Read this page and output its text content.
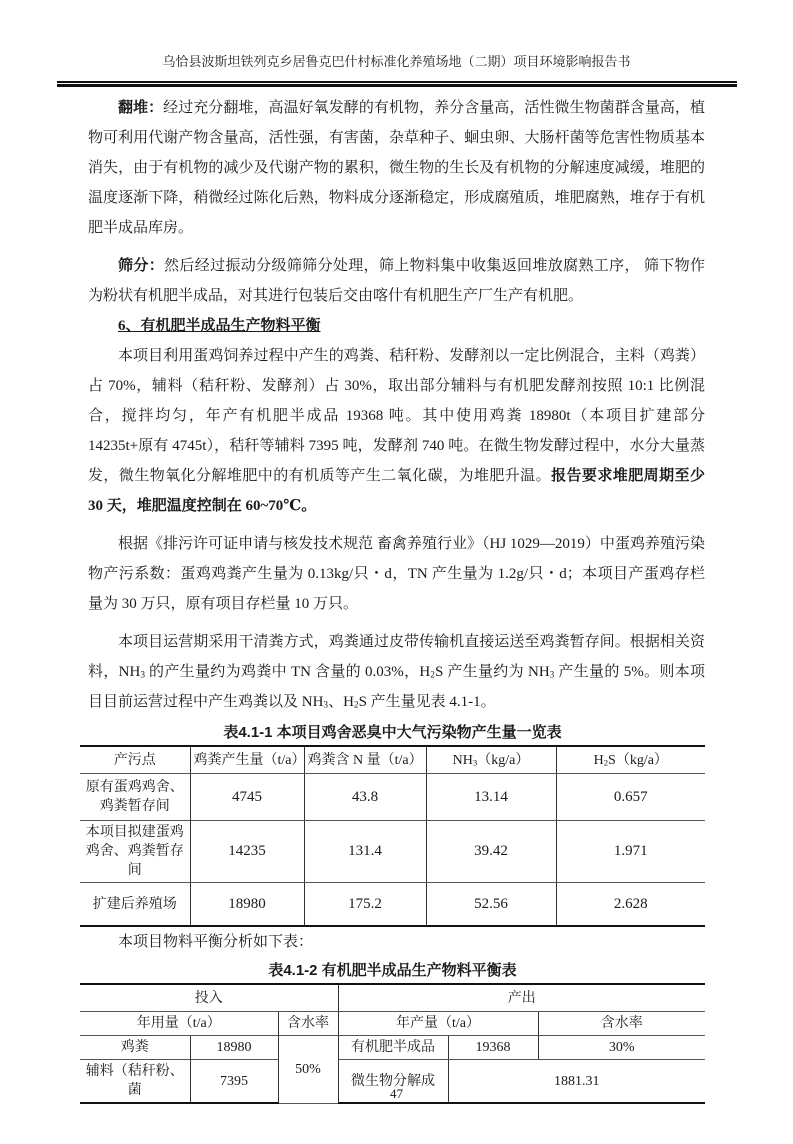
乌恰县波斯坦铁列克乡居鲁克巴什村标准化养殖场地（二期）项目环境影响报告书

翻堆：经过充分翻堆，高温好氧发酵的有机物，养分含量高，活性微生物菌群含量高，植物可利用代谢产物含量高，活性强，有害菌，杂草种子、蛔虫卵、大肠杆菌等危害性物质基本消失，由于有机物的减少及代谢产物的累积，微生物的生长及有机物的分解速度减缓，堆肥的温度逐渐下降，稍微经过陈化后熟，物料成分逐渐稳定，形成腐殖质，堆肥腐熟，堆存于有机肥半成品库房。

筛分：然后经过振动分级筛筛分处理，筛上物料集中收集返回堆放腐熟工序， 筛下物作为粉状有机肥半成品，对其进行包装后交由喀什有机肥生产厂生产有机肥。

6、有机肥半成品生产物料平衡

本项目利用蛋鸡饲养过程中产生的鸡粪、秸秆粉、发酵剂以一定比例混合，主料（鸡粪）占 70%，辅料（秸秆粉、发酵剂）占 30%，取出部分辅料与有机肥发酵剂按照 10:1 比例混合，搅拌均匀，年产有机肥半成品 19368 吨。其中使用鸡粪 18980t（本项目扩建部分 14235t+原有 4745t），秸秆等辅料 7395 吨，发酵剂 740 吨。在微生物发酵过程中，水分大量蒸发，微生物氧化分解堆肥中的有机质等产生二氧化碳，为堆肥升温。报告要求堆肥周期至少 30 天，堆肥温度控制在 60~70℃。

根据《排污许可证申请与核发技术规范 畜禽养殖行业》（HJ 1029—2019）中蛋鸡养殖污染物产污系数：蛋鸡鸡粪产生量为 0.13kg/只・d，TN 产生量为 1.2g/只・d；本项目产蛋鸡存栏量为 30 万只，原有项目存栏量 10 万只。

本项目运营期采用干清粪方式，鸡粪通过皮带传输机直接运送至鸡粪暂存间。根据相关资料，$NH_3$ 的产生量约为鸡粪中 TN 含量的 0.03%，$H_2S$ 产生量约为 $NH_3$ 产生量的 5%。则本项目目前运营过程中产生鸡粪以及 $NH_3$、$H_2S$ 产生量见表 4.1-1。

表4.1-1 本项目鸡舍恶臭中大气污染物产生量一览表
产污点	鸡粪产生量（t/a）	鸡粪含 N 量（t/a）	$NH_3(kg/a)$	$H_2S(kg/a)$
原有蛋鸡鸡舍、鸡粪暂存间	4745	43.8	13.14	0.657
本项目拟建蛋鸡鸡舍、鸡粪暂存间	14235	131.4	39.42	1.971
扩建后养殖场	18980	175.2	52.56	2.628
本项目物料平衡分析如下表：
表4.1-2 有机肥半成品生产物料平衡表
投入			产出		
年用量（t/a）		含水率	年产量（t/a）		含水率
鸡粪	18980	50%	有机肥半成品	19368	30%
辅料（秸秆粉、菌	7395		微生物分解成	1881.31	
47
